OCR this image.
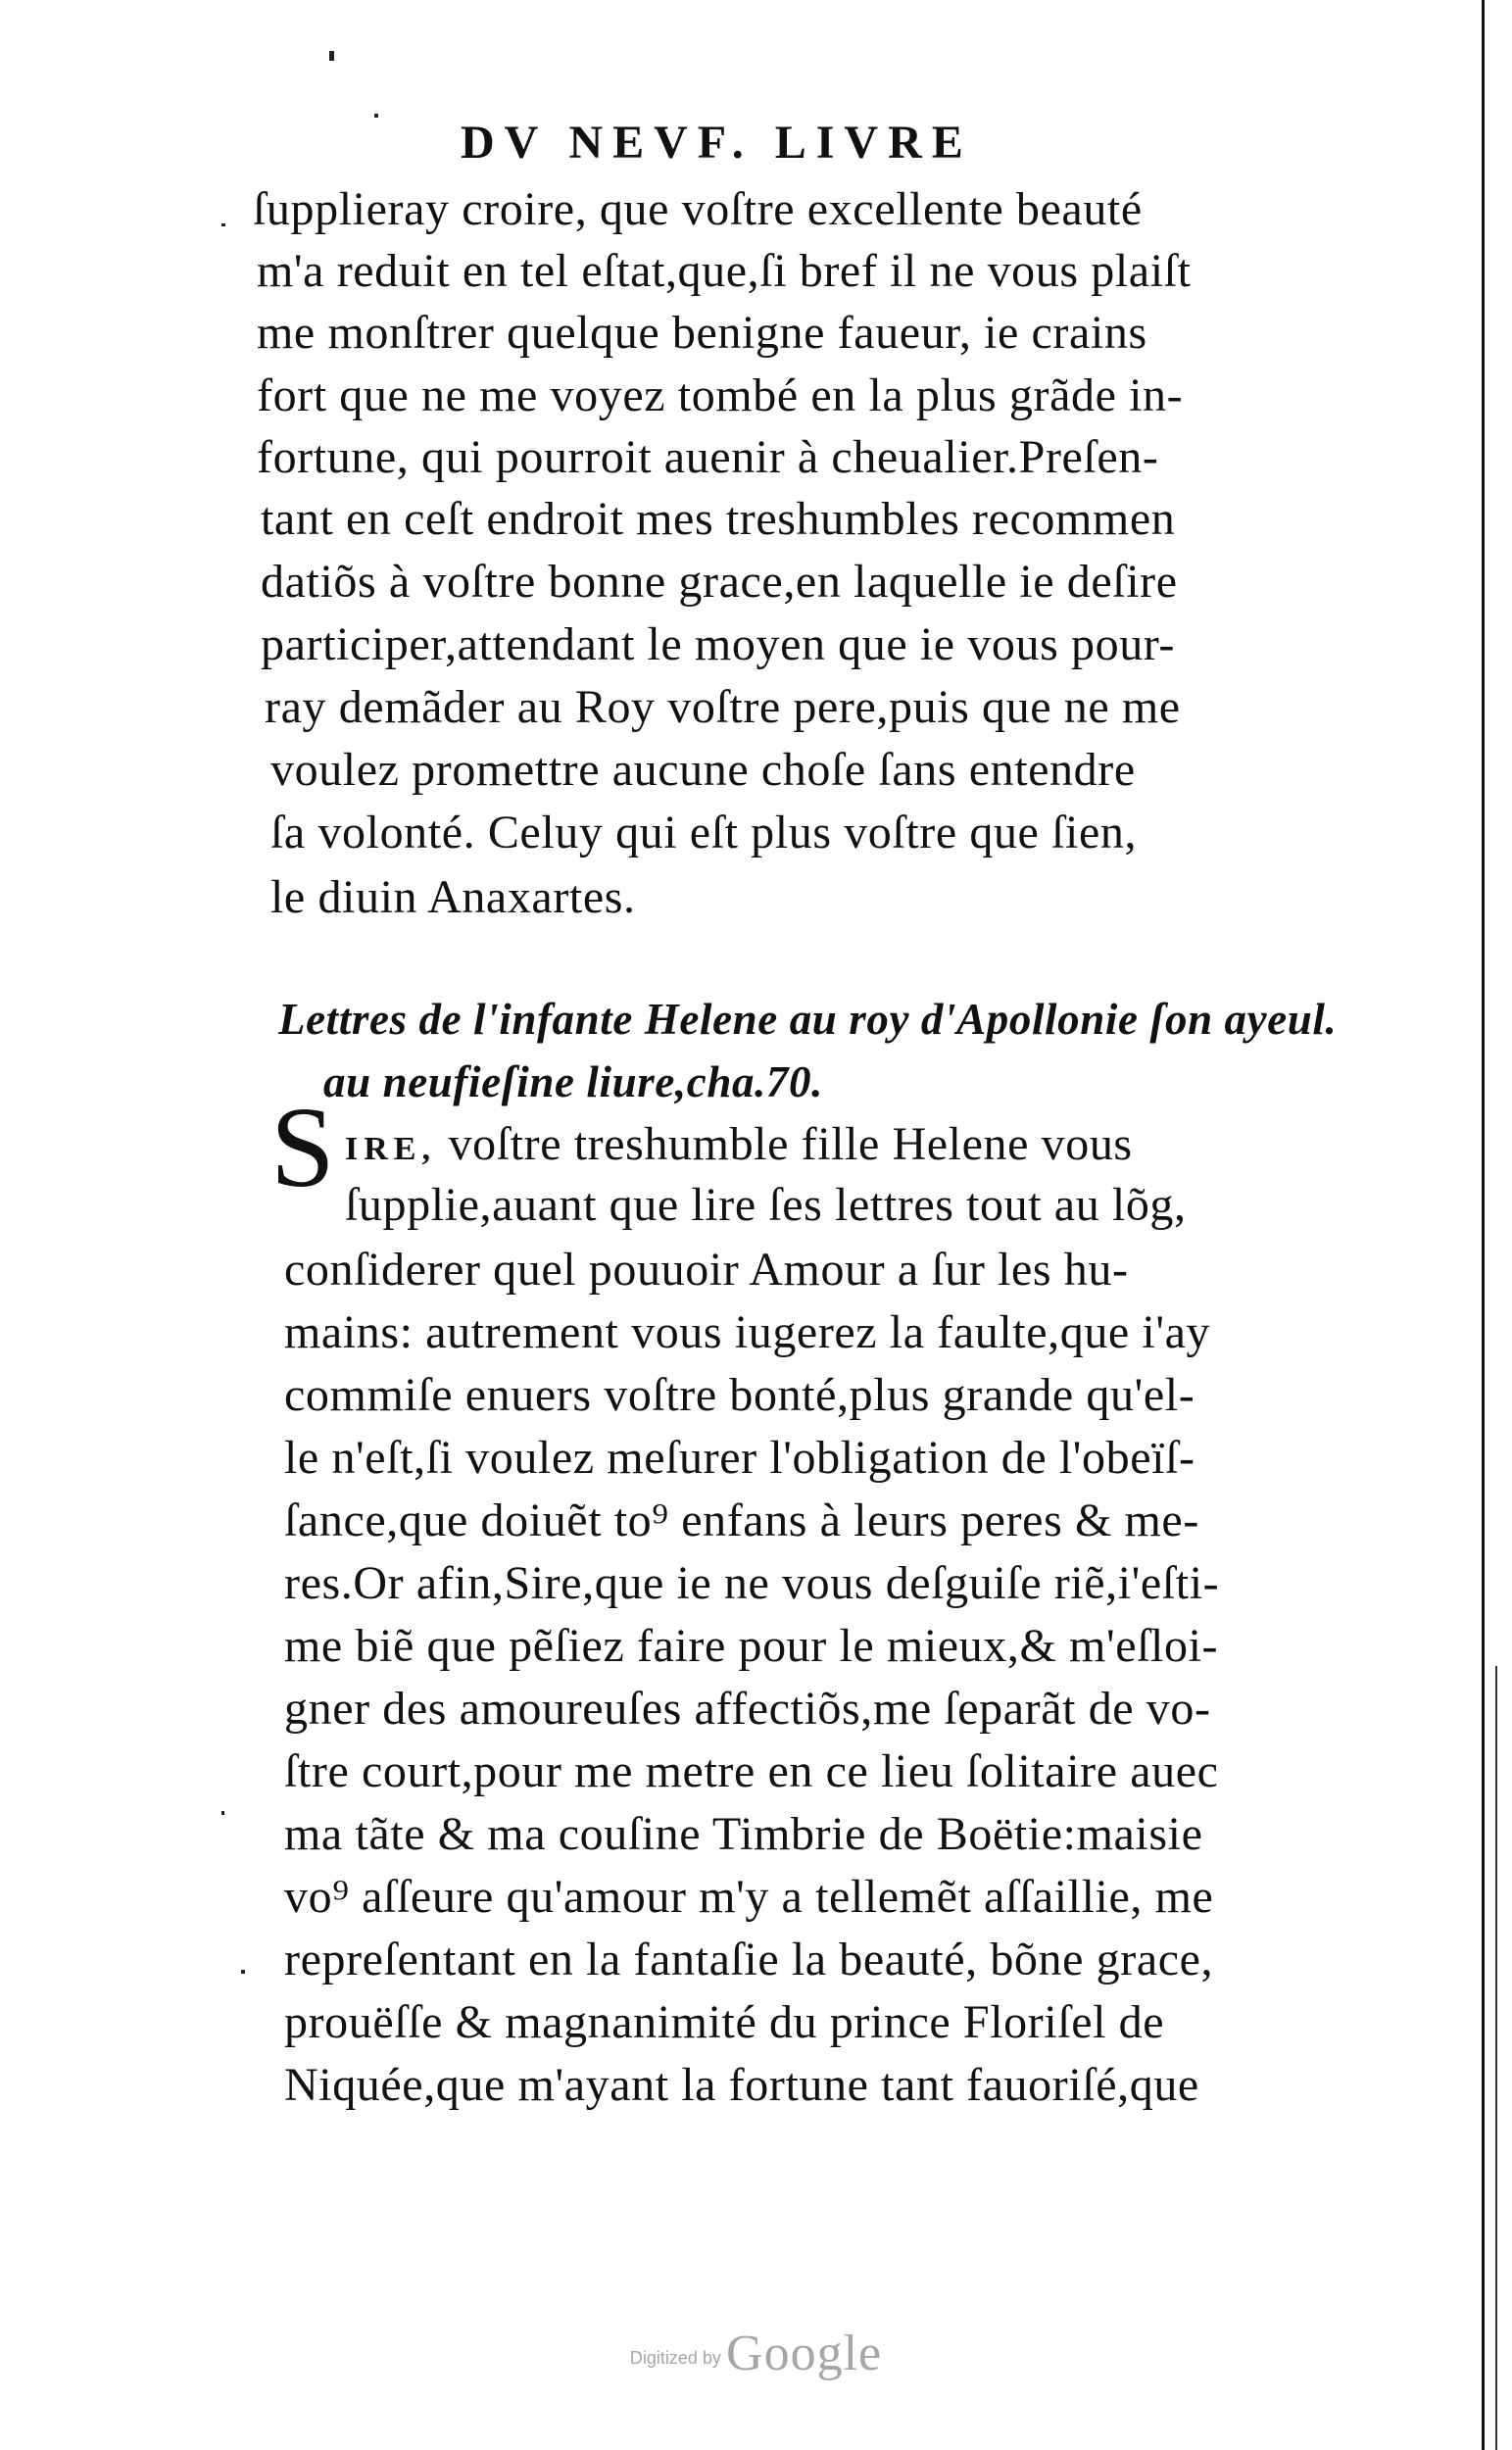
DV NEVF. LIVRE
ſuppliеray croire, que voſtre excellente beauté
m'a reduit en tel eſtat,que,ſi bref il ne vous plaiſt
me monſtrer quelque benigne faueur, ie crains
fort que ne me voyez tombé en la plus grãde in-
fortune, qui pourroit auenir à cheualier.Preſen-
tant en ceſt endroit mes treshumbles recommen
datiõs à voſtre bonne grace,en laquelle ie deſire
participer,attendant le moyen que ie vous pour-
ray demãder au Roy voſtre pere,puis que ne me
voulez promettre aucune choſe ſans entendre
ſa volonté. Celuy qui eſt plus voſtre que ſien,
le diuin Anaxartes.
Lettres de l'infante Helene au roy d'Apollonie ſon ayeul.
au neufieſine liure,cha.70.
S IRE, voſtre treshumble fille Helene vous
ſupplie,auant que lire ſes lettres tout au lõg,
conſiderer quel pouuoir Amour a ſur les hu-
mains: autrement vous iugerez la faulte,que i'ay
commiſe enuers voſtre bonté,plus grande qu'el-
le n'eſt,ſi voulez meſurer l'obligation de l'obeïſ-
ſance,que doiuẽt to⁹ enfans à leurs peres & me-
res.Or afin,Sire,que ie ne vous deſguiſe riẽ,i'eſti-
me biẽ que pẽſiez faire pour le mieux,& m'eſloi-
gner des amoureuſes affectiõs,me ſeparãt de vo-
ſtre court,pour me metre en ce lieu ſolitaire auec
ma tãte & ma couſine Timbrie de Boëtie:maisie
vo⁹ aſſeure qu'amour m'y a tellemẽt aſſaillie, me
repreſentant en la fantaſie la beauté, bõne grace,
prouëſſe & magnanimité du prince Floriſel de
Niquée,que m'ayant la fortune tant fauoriſé,que
Digitized by Google
